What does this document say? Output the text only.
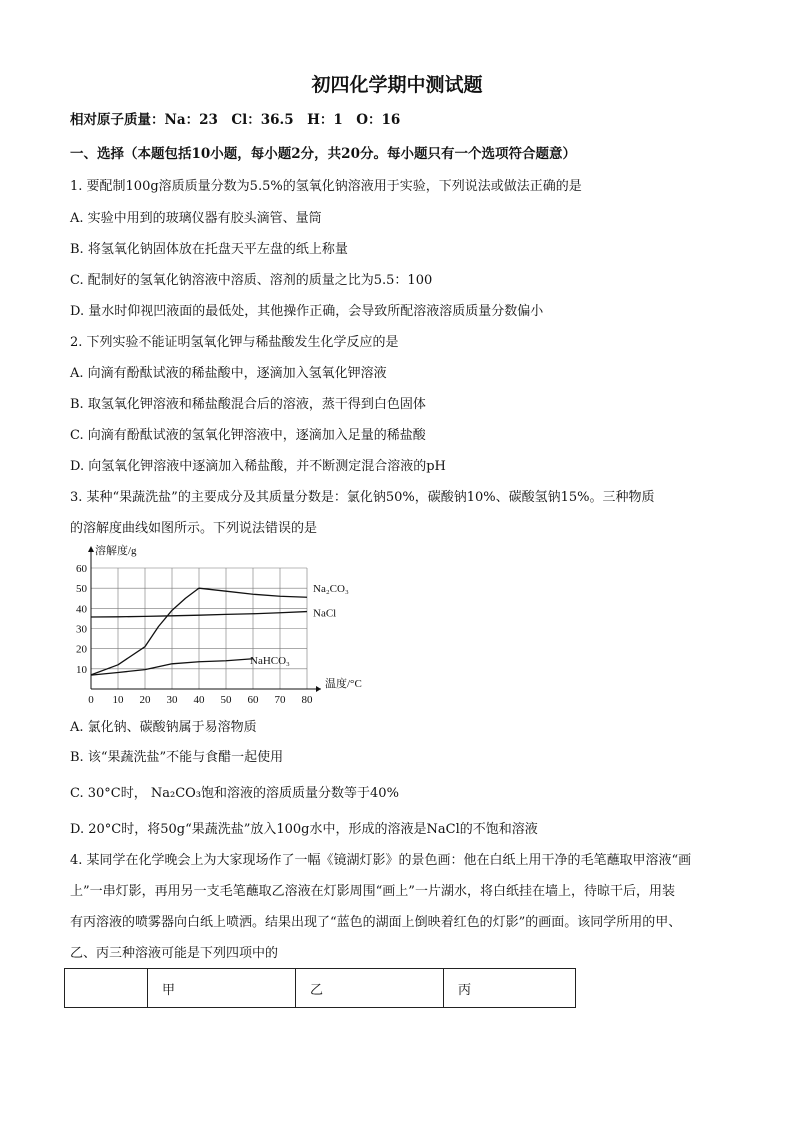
初四化学期中测试题
相对原子质量：Na：23　Cl：36.5　H：1　O：16
一、选择（本题包括10小题，每小题2分，共20分。每小题只有一个选项符合题意）
1. 要配制100g溶质质量分数为5.5%的氢氧化钠溶液用于实验，下列说法或做法正确的是
A. 实验中用到的玻璃仪器有胶头滴管、量筒
B. 将氢氧化钠固体放在托盘天平左盘的纸上称量
C. 配制好的氢氧化钠溶液中溶质、溶剂的质量之比为5.5：100
D. 量水时仰视凹液面的最低处，其他操作正确，会导致所配溶液溶质质量分数偏小
2. 下列实验不能证明氢氧化钾与稀盐酸发生化学反应的是
A. 向滴有酚酞试液的稀盐酸中，逐滴加入氢氧化钾溶液
B. 取氢氧化钾溶液和稀盐酸混合后的溶液，蒸干得到白色固体
C. 向滴有酚酞试液的氢氧化钾溶液中，逐滴加入足量的稀盐酸
D. 向氢氧化钾溶液中逐滴加入稀盐酸，并不断测定混合溶液的pH
3. 某种“果蔬洗盐”的主要成分及其质量分数是：氯化钠50%，碳酸钠10%、碳酸氢钠15%。三种物质
的溶解度曲线如图所示。下列说法错误的是
0 10 20 30 40 50 60 70 80
10
20
30
40
50
60
溶解度/g
温度/°C
Na₂CO₃
NaCl
NaHCO₃
A. 氯化钠、碳酸钠属于易溶物质
B. 该“果蔬洗盐”不能与食醋一起使用
C. 30°C时， Na₂CO₃饱和溶液的溶质质量分数等于40%
D. 20°C时，将50g“果蔬洗盐”放入100g水中，形成的溶液是NaCl的不饱和溶液
4. 某同学在化学晚会上为大家现场作了一幅《镜湖灯影》的景色画：他在白纸上用干净的毛笔蘸取甲溶液“画
上”一串灯影，再用另一支毛笔蘸取乙溶液在灯影周围“画上”一片湖水，将白纸挂在墙上，待晾干后，用装
有丙溶液的喷雾器向白纸上喷洒。结果出现了“蓝色的湖面上倒映着红色的灯影”的画面。该同学所用的甲、
乙、丙三种溶液可能是下列四项中的
	甲	乙	丙
